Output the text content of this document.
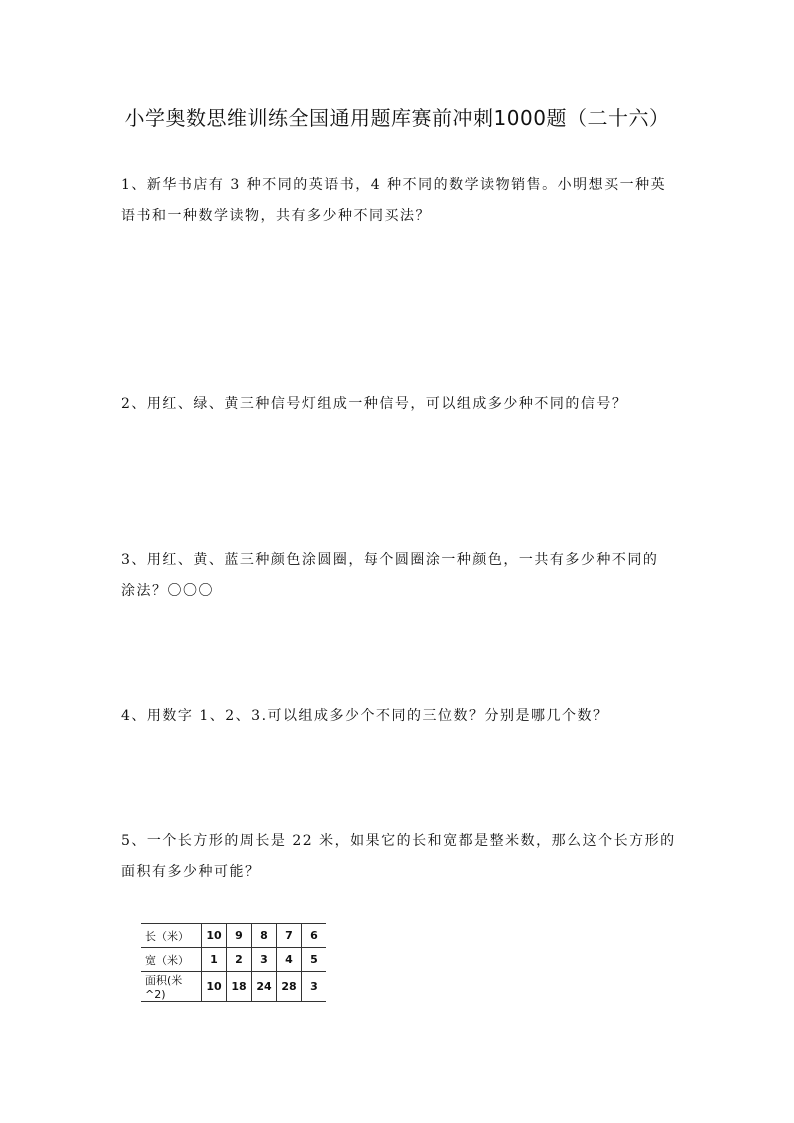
小学奥数思维训练全国通用题库赛前冲刺1000题（二十六）
1、新华书店有 3 种不同的英语书，4 种不同的数学读物销售。小明想买一种英
语书和一种数学读物，共有多少种不同买法？
2、用红、绿、黄三种信号灯组成一种信号，可以组成多少种不同的信号？
3、用红、黄、蓝三种颜色涂圆圈，每个圆圈涂一种颜色，一共有多少种不同的
涂法？〇〇〇
4、用数字 1、2、3.可以组成多少个不同的三位数？分别是哪几个数？
5、一个长方形的周长是 22 米，如果它的长和宽都是整米数，那么这个长方形的
面积有多少种可能？
长（米）	10	9	8	7	6
宽（米）	1	2	3	4	5
面积(米^2)	10	18	24	28	3
